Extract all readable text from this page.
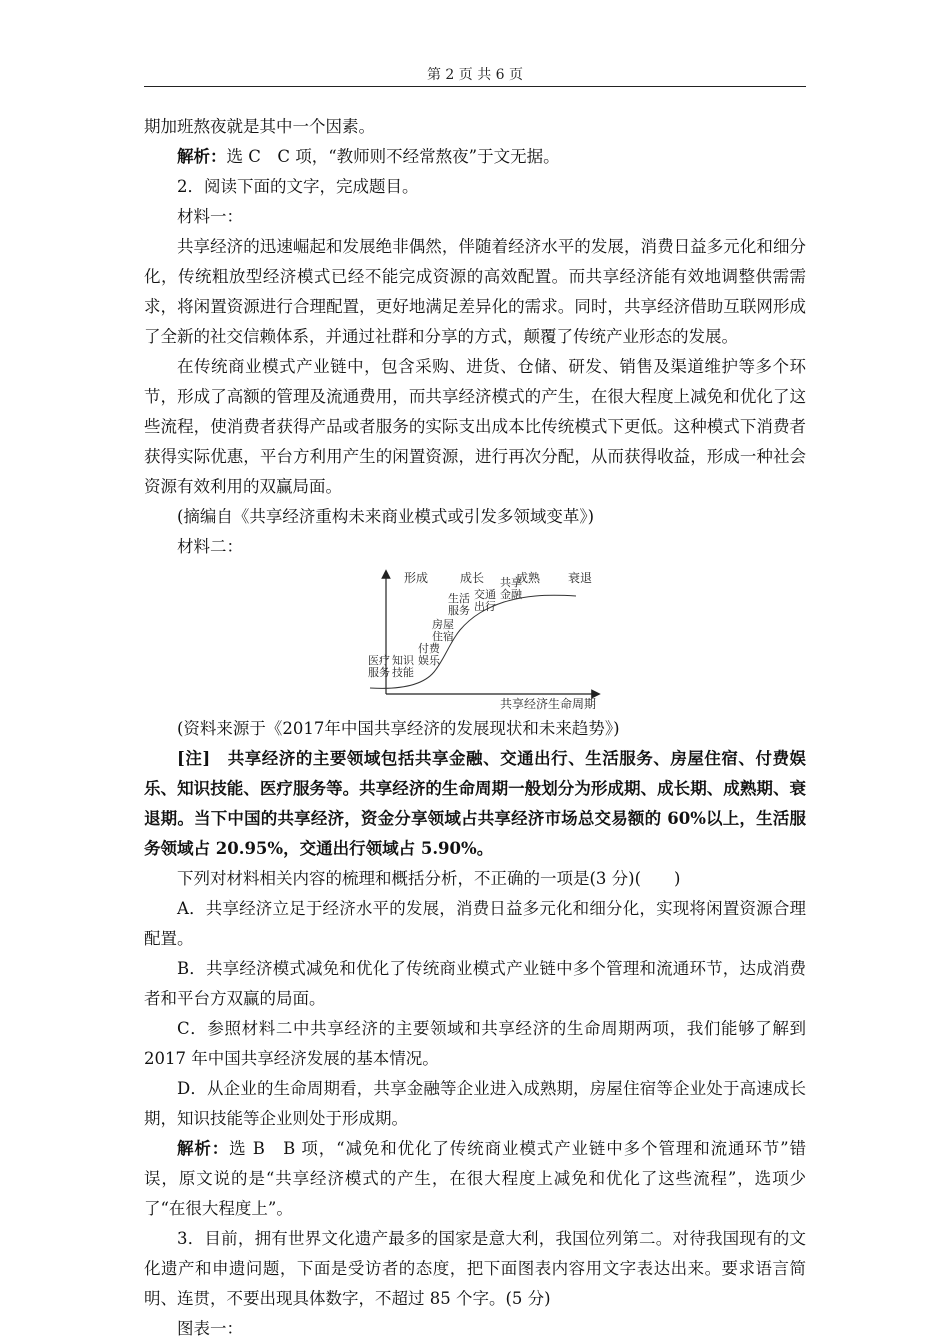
第 2 页 共 6 页

期加班熬夜就是其中一个因素。

解析：选 C　C 项，“教师则不经常熬夜”于文无据。

2．阅读下面的文字，完成题目。

材料一：

共享经济的迅速崛起和发展绝非偶然，伴随着经济水平的发展，消费日益多元化和细分化，传统粗放型经济模式已经不能完成资源的高效配置。而共享经济能有效地调整供需需求，将闲置资源进行合理配置，更好地满足差异化的需求。同时，共享经济借助互联网形成了全新的社交信赖体系，并通过社群和分享的方式，颠覆了传统产业形态的发展。

在传统商业模式产业链中，包含采购、进货、仓储、研发、销售及渠道维护等多个环节，形成了高额的管理及流通费用，而共享经济模式的产生，在很大程度上减免和优化了这些流程，使消费者获得产品或者服务的实际支出成本比传统模式下更低。这种模式下消费者获得实际优惠，平台方利用产生的闲置资源，进行再次分配，从而获得收益，形成一种社会资源有效利用的双赢局面。

(摘编自《共享经济重构未来商业模式或引发多领域变革》)

材料二：

共享经济生命周期
形成	成长	成熟 衰退
医疗
服务
知识
技能
付费
娱乐
房屋
住宿
生活
服务
交通
出行
共享
金融

(资料来源于《2017年中国共享经济的发展现状和未来趋势》)

[注]　共享经济的主要领域包括共享金融、交通出行、生活服务、房屋住宿、付费娱乐、知识技能、医疗服务等。共享经济的生命周期一般划分为形成期、成长期、成熟期、衰退期。当下中国的共享经济，资金分享领域占共享经济市场总交易额的 60%以上，生活服务领域占 20.95%，交通出行领域占 5.90%。

下列对材料相关内容的梳理和概括分析，不正确的一项是(3 分)(　　)

A．共享经济立足于经济水平的发展，消费日益多元化和细分化，实现将闲置资源合理配置。

B．共享经济模式减免和优化了传统商业模式产业链中多个管理和流通环节，达成消费者和平台方双赢的局面。

C．参照材料二中共享经济的主要领域和共享经济的生命周期两项，我们能够了解到 2017 年中国共享经济发展的基本情况。

D．从企业的生命周期看，共享金融等企业进入成熟期，房屋住宿等企业处于高速成长期，知识技能等企业则处于形成期。

解析：选 B　B 项，“减免和优化了传统商业模式产业链中多个管理和流通环节”错误，原文说的是“共享经济模式的产生，在很大程度上减免和优化了这些流程”，选项少了“在很大程度上”。

3．目前，拥有世界文化遗产最多的国家是意大利，我国位列第二。对待我国现有的文化遗产和申遗问题，下面是受访者的态度，把下面图表内容用文字表达出来。要求语言简明、连贯，不要出现具体数字，不超过 85 个字。(5 分)

图表一：
